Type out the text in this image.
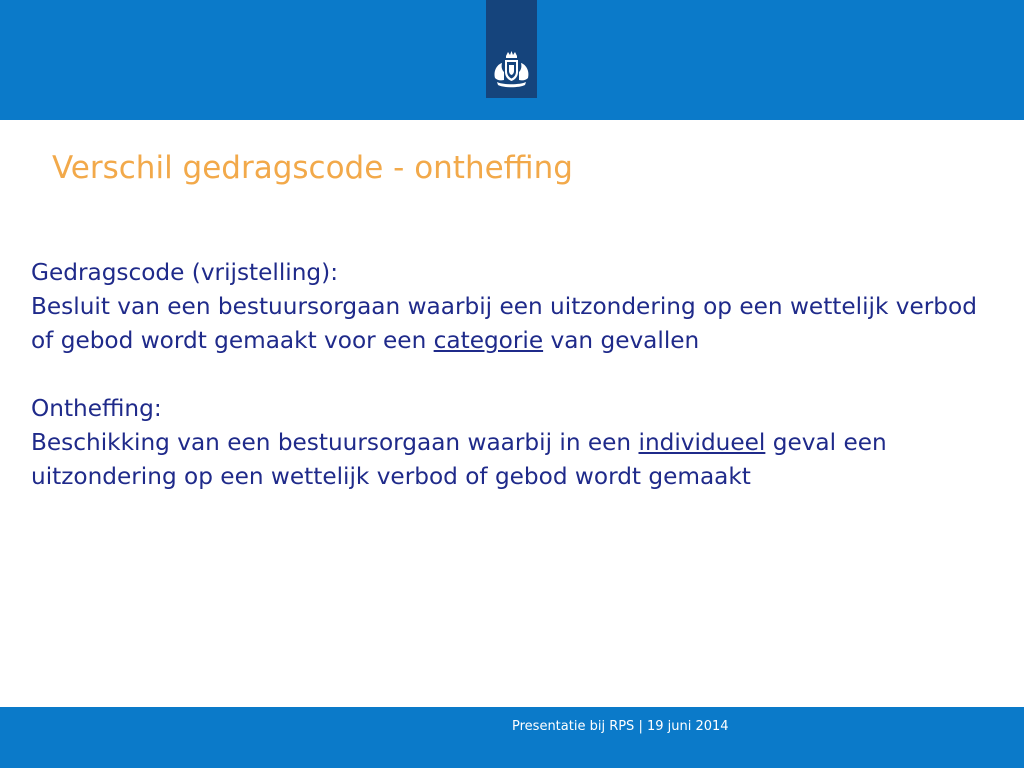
Verschil gedragscode - ontheffing

Gedragscode (vrijstelling):

Besluit van een bestuursorgaan waarbij een uitzondering op een wettelijk verbod of gebod wordt gemaakt voor een categorie van gevallen

Ontheffing:

Beschikking van een bestuursorgaan waarbij in een individueel geval een uitzondering op een wettelijk verbod of gebod wordt gemaakt

Presentatie bij RPS | 19 juni 2014
